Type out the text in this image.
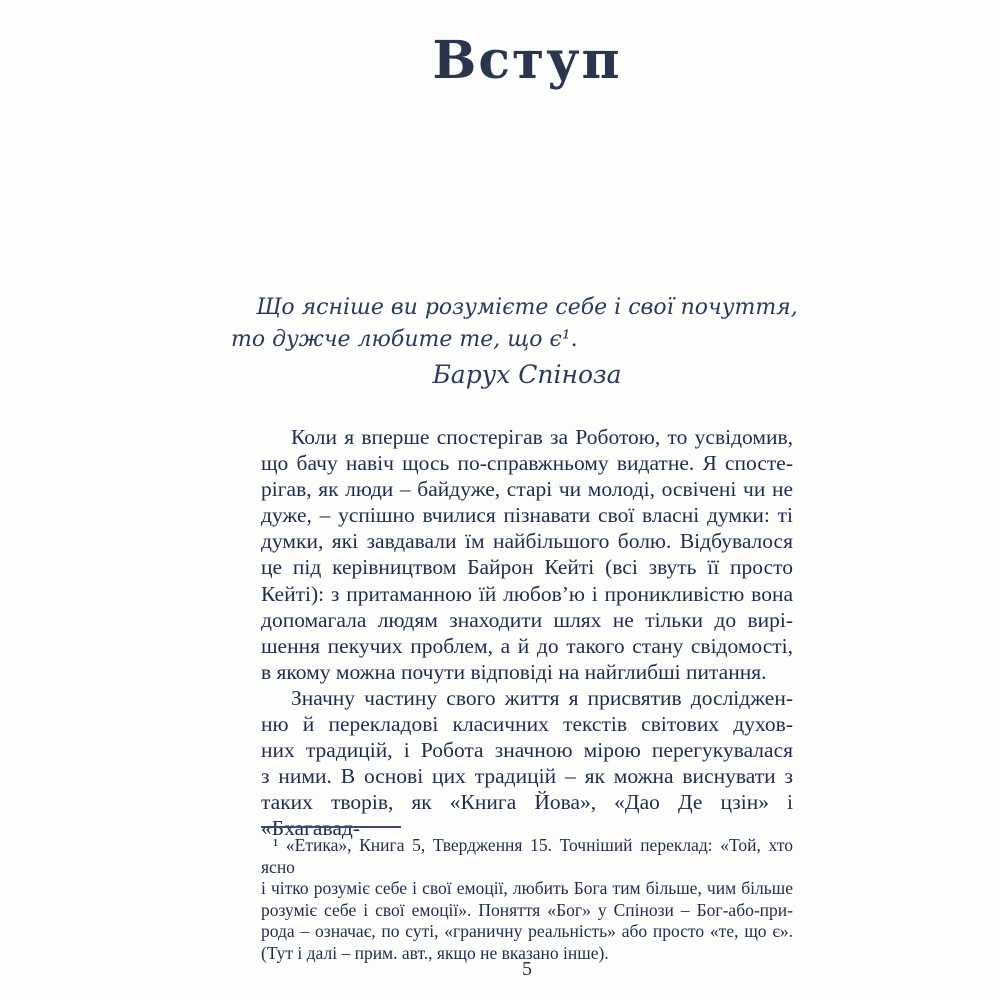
Вступ
Що ясніше ви розумієте себе і свої почуття,
то дужче любите те, що є¹.
Барух Спіноза
Коли я вперше спостерігав за Роботою, то усвідомив,
що бачу навіч щось по-справжньому видатне. Я спосте-
рігав, як люди – байдуже, старі чи молоді, освічені чи не
дуже, – успішно вчилися пізнавати свої власні думки: ті
думки, які завдавали їм найбільшого болю. Відбувалося
це під керівництвом Байрон Кейті (всі звуть її просто
Кейті): з притаманною їй любов’ю і проникливістю вона
допомагала людям знаходити шлях не тільки до вирі-
шення пекучих проблем, а й до такого стану свідомості,
в якому можна почути відповіді на найглибші питання.
Значну частину свого життя я присвятив досліджен-
ню й перекладові класичних текстів світових духов-
них традицій, і Робота значною мірою перегукувалася
з ними. В основі цих традицій – як можна виснувати з
таких творів, як «Книга Йова», «Дао Де цзін» і «Бхагавад-
¹ «Етика», Книга 5, Твердження 15. Точніший переклад: «Той, хто ясно
і чітко розуміє себе і свої емоції, любить Бога тим більше, чим більше
розуміє себе і свої емоції». Поняття «Бог» у Спінози – Бог-або-при-
рода – означає, по суті, «граничну реальність» або просто «те, що є».
(Тут і далі – прим. авт., якщо не вказано інше).
5
